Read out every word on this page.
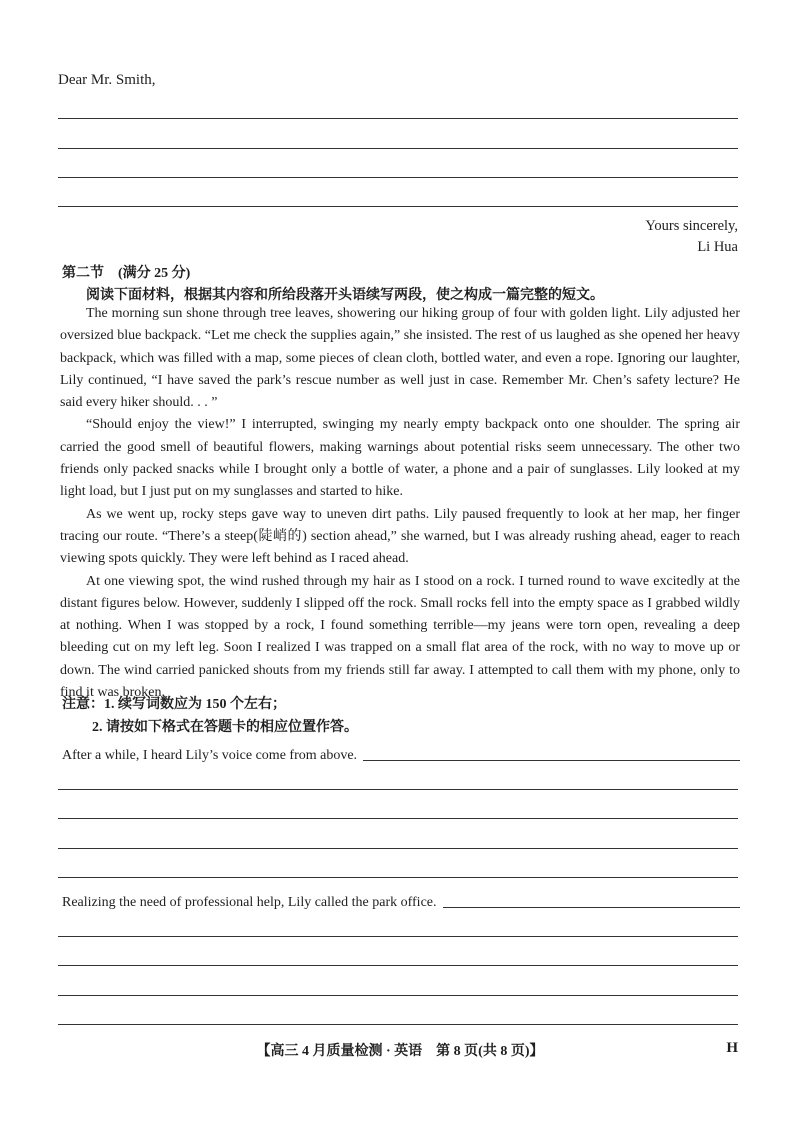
Dear Mr. Smith,
Yours sincerely,
Li Hua
第二节　(满分 25 分)
阅读下面材料，根据其内容和所给段落开头语续写两段，使之构成一篇完整的短文。

The morning sun shone through tree leaves, showering our hiking group of four with golden light. Lily adjusted her oversized blue backpack. “Let me check the supplies again,” she insisted. The rest of us laughed as she opened her heavy backpack, which was filled with a map, some pieces of clean cloth, bottled water, and even a rope. Ignoring our laughter, Lily continued, “I have saved the park’s rescue number as well just in case. Remember Mr. Chen’s safety lecture? He said every hiker should. . . ”

“Should enjoy the view!” I interrupted, swinging my nearly empty backpack onto one shoulder. The spring air carried the good smell of beautiful flowers, making warnings about potential risks seem unnecessary. The other two friends only packed snacks while I brought only a bottle of water, a phone and a pair of sunglasses. Lily looked at my light load, but I just put on my sunglasses and started to hike.

As we went up, rocky steps gave way to uneven dirt paths. Lily paused frequently to look at her map, her finger tracing our route. “There’s a steep(陡峭的) section ahead,” she warned, but I was already rushing ahead, eager to reach viewing spots quickly. They were left behind as I raced ahead.

At one viewing spot, the wind rushed through my hair as I stood on a rock. I turned round to wave excitedly at the distant figures below. However, suddenly I slipped off the rock. Small rocks fell into the empty space as I grabbed wildly at nothing. When I was stopped by a rock, I found something terrible—my jeans were torn open, revealing a deep bleeding cut on my left leg. Soon I realized I was trapped on a small flat area of the rock, with no way to move up or down. The wind carried panicked shouts from my friends still far away. I attempted to call them with my phone, only to find it was broken.

注意：1. 续写词数应为 150 个左右；
2. 请按如下格式在答题卡的相应位置作答。
After a while, I heard Lily’s voice come from above.
Realizing the need of professional help, Lily called the park office.
【高三 4 月质量检测 · 英语　第 8 页(共 8 页)】	H
